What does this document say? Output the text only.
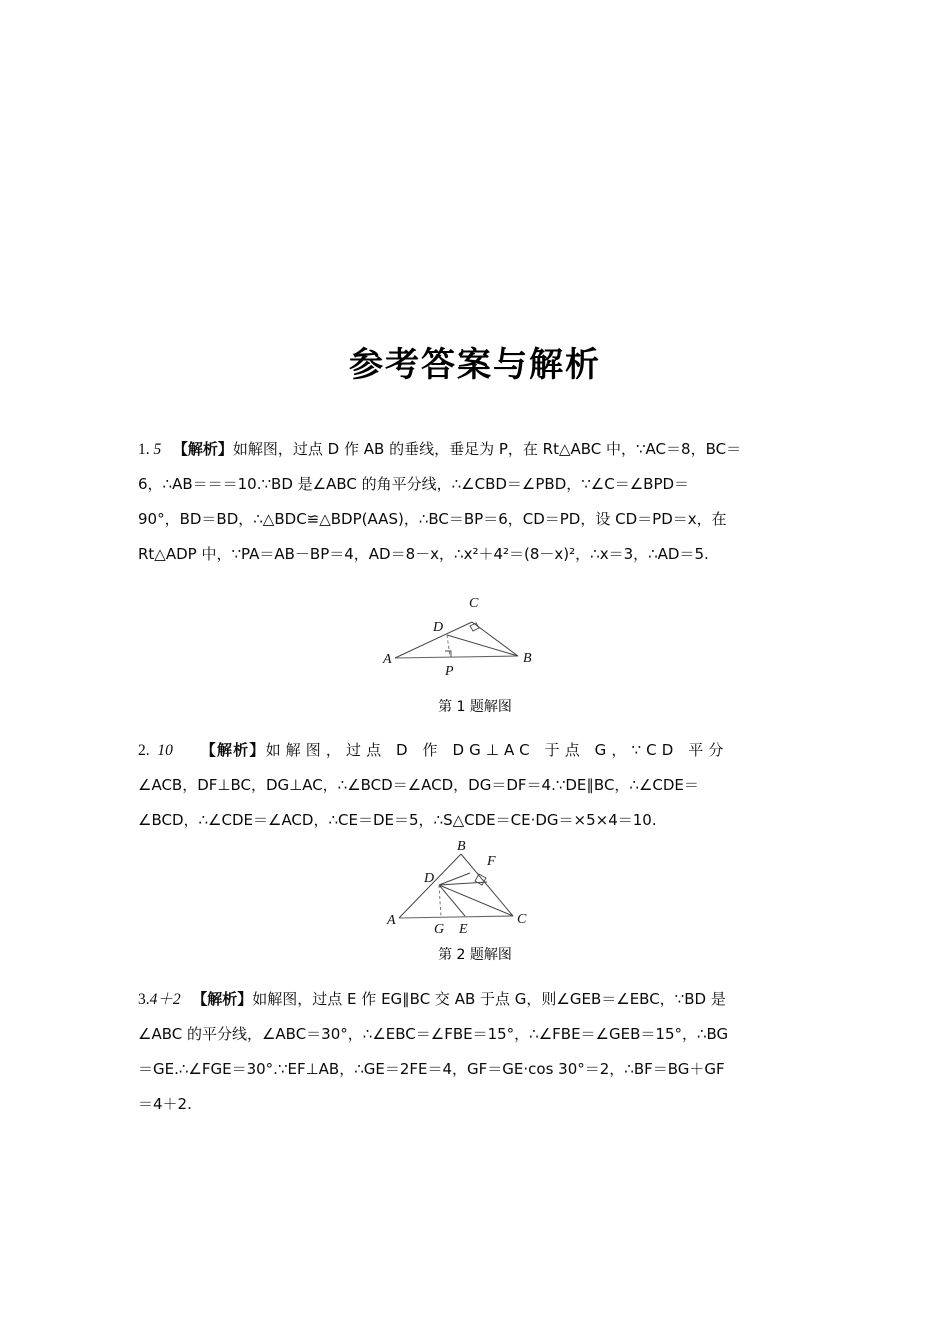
参考答案与解析
1. 5 【解析】如解图，过点 D 作 AB 的垂线，垂足为 P，在 Rt△ABC 中，∵AC＝8，BC＝
6，∴AB＝＝＝10.∵BD 是∠ABC 的角平分线，∴∠CBD＝∠PBD，∵∠C＝∠BPD＝
90°，BD＝BD，∴△BDC≌△BDP(AAS)，∴BC＝BP＝6，CD＝PD，设 CD＝PD＝x，在
Rt△ADP 中，∵PA＝AB－BP＝4，AD＝8－x，∴x²＋4²＝(8－x)²，∴x＝3，∴AD＝5.
A	B
C
D
P
第 1 题解图
2. 10 【解析】如解图，过点 D 作 DG⊥AC 于点 G，∵CD 平分
∠ACB，DF⊥BC，DG⊥AC，∴∠BCD＝∠ACD，DG＝DF＝4.∵DE∥BC，∴∠CDE＝
∠BCD，∴∠CDE＝∠ACD，∴CE＝DE＝5，∴S△CDE＝CE·DG＝×5×4＝10.
A	C
B
D
F
G E
第 2 题解图
3.4＋2 【解析】如解图，过点 E 作 EG∥BC 交 AB 于点 G，则∠GEB＝∠EBC，∵BD 是
∠ABC 的平分线，∠ABC＝30°，∴∠EBC＝∠FBE＝15°，∴∠FBE＝∠GEB＝15°，∴BG
＝GE.∴∠FGE＝30°.∵EF⊥AB，∴GE＝2FE＝4，GF＝GE·cos 30°＝2，∴BF＝BG＋GF
＝4＋2.
